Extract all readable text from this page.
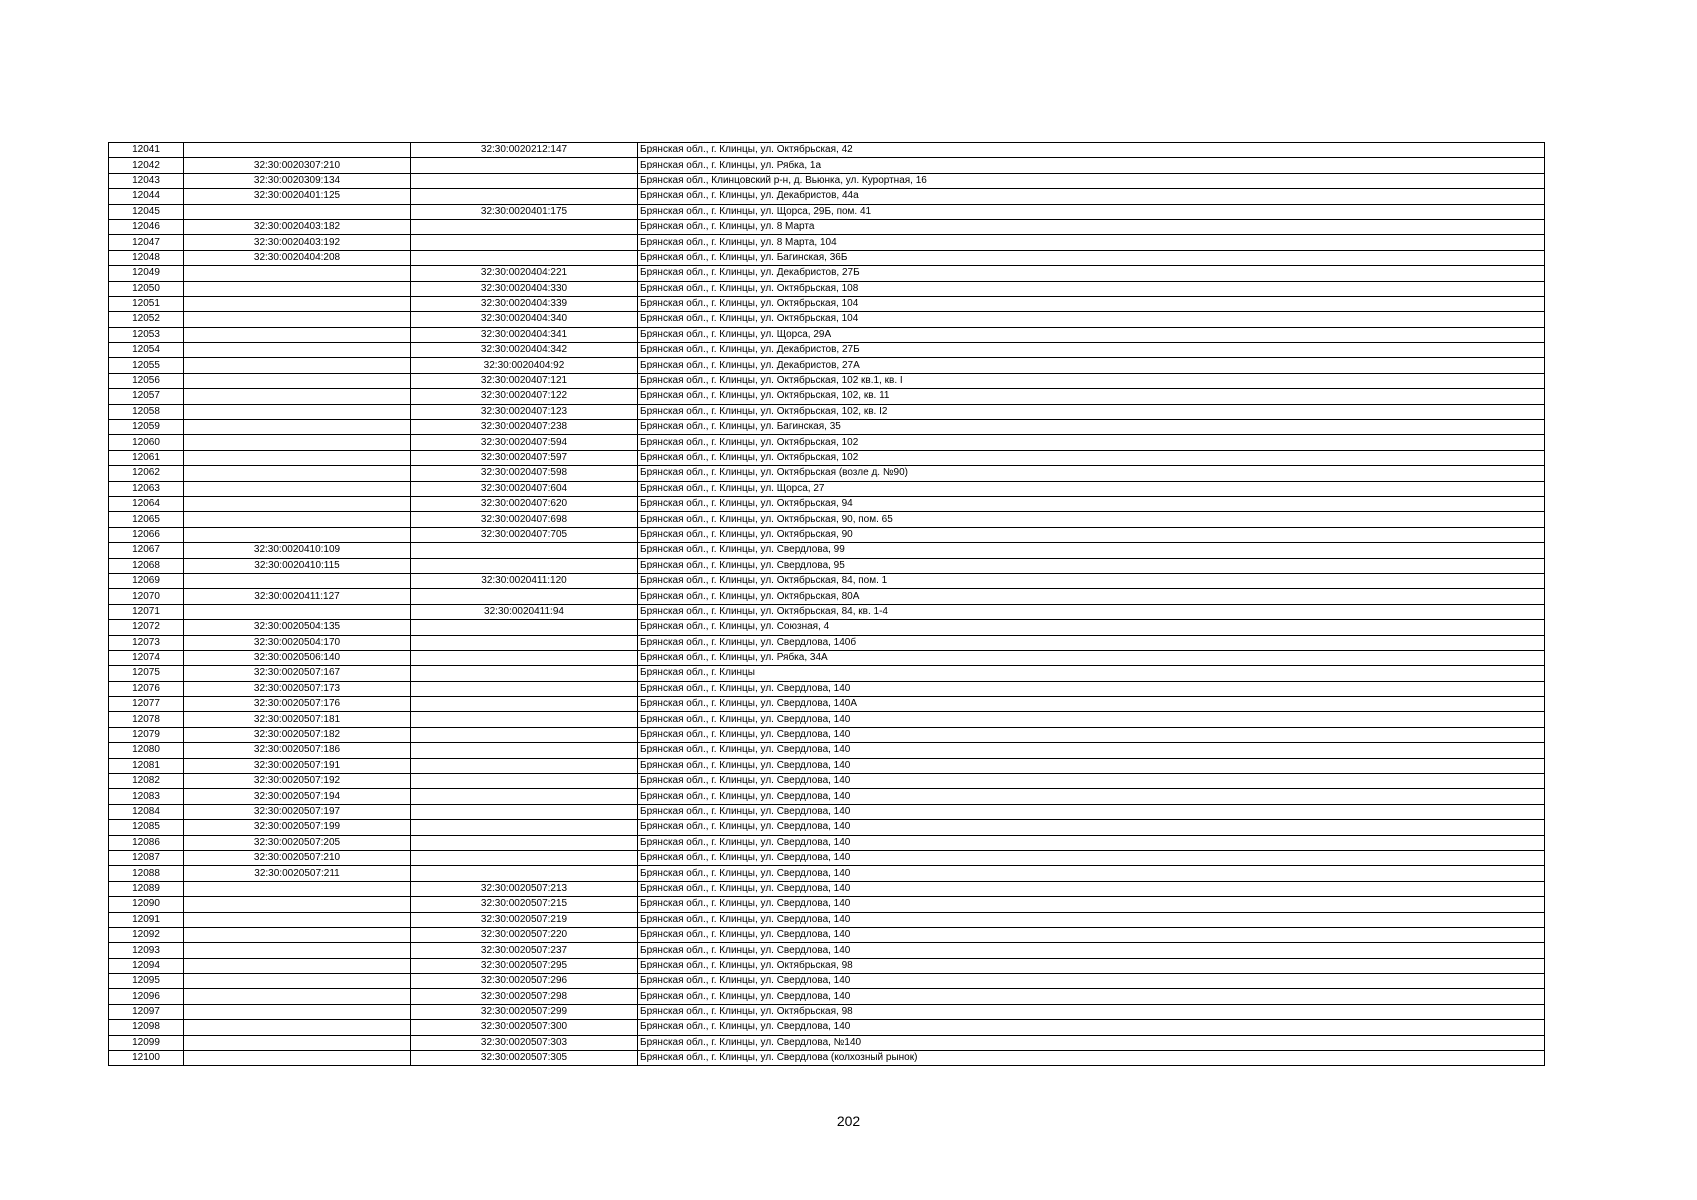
12041		32:30:0020212:147	Брянская обл., г. Клинцы, ул. Октябрьская, 42
12042	32:30:0020307:210		Брянская обл., г. Клинцы, ул. Рябка, 1а
12043	32:30:0020309:134		Брянская обл., Клинцовский р-н, д. Вьюнка, ул. Курортная, 16
12044	32:30:0020401:125		Брянская обл., г. Клинцы, ул. Декабристов, 44а
12045		32:30:0020401:175	Брянская обл., г. Клинцы, ул. Щорса, 29Б, пом. 41
12046	32:30:0020403:182		Брянская обл., г. Клинцы, ул. 8 Марта
12047	32:30:0020403:192		Брянская обл., г. Клинцы, ул. 8 Марта, 104
12048	32:30:0020404:208		Брянская обл., г. Клинцы, ул. Багинская, 36Б
12049		32:30:0020404:221	Брянская обл., г. Клинцы, ул. Декабристов, 27Б
12050		32:30:0020404:330	Брянская обл., г. Клинцы, ул. Октябрьская, 108
12051		32:30:0020404:339	Брянская обл., г. Клинцы, ул. Октябрьская, 104
12052		32:30:0020404:340	Брянская обл., г. Клинцы, ул. Октябрьская, 104
12053		32:30:0020404:341	Брянская обл., г. Клинцы, ул. Щорса, 29А
12054		32:30:0020404:342	Брянская обл., г. Клинцы, ул. Декабристов, 27Б
12055		32:30:0020404:92	Брянская обл., г. Клинцы, ул. Декабристов, 27А
12056		32:30:0020407:121	Брянская обл., г. Клинцы, ул. Октябрьская, 102 кв.1, кв. I
12057		32:30:0020407:122	Брянская обл., г. Клинцы, ул. Октябрьская, 102, кв. 11
12058		32:30:0020407:123	Брянская обл., г. Клинцы, ул. Октябрьская, 102, кв. I2
12059		32:30:0020407:238	Брянская обл., г. Клинцы, ул. Багинская, 35
12060		32:30:0020407:594	Брянская обл., г. Клинцы, ул. Октябрьская, 102
12061		32:30:0020407:597	Брянская обл., г. Клинцы, ул. Октябрьская, 102
12062		32:30:0020407:598	Брянская обл., г. Клинцы, ул. Октябрьская (возле д. №90)
12063		32:30:0020407:604	Брянская обл., г. Клинцы, ул. Щорса, 27
12064		32:30:0020407:620	Брянская обл., г. Клинцы, ул. Октябрьская, 94
12065		32:30:0020407:698	Брянская обл., г. Клинцы, ул. Октябрьская, 90, пом. 65
12066		32:30:0020407:705	Брянская обл., г. Клинцы, ул. Октябрьская, 90
12067	32:30:0020410:109		Брянская обл., г. Клинцы, ул. Свердлова, 99
12068	32:30:0020410:115		Брянская обл., г. Клинцы, ул. Свердлова, 95
12069		32:30:0020411:120	Брянская обл., г. Клинцы, ул. Октябрьская, 84, пом. 1
12070	32:30:0020411:127		Брянская обл., г. Клинцы, ул. Октябрьская, 80А
12071		32:30:0020411:94	Брянская обл., г. Клинцы, ул. Октябрьская, 84, кв. 1-4
12072	32:30:0020504:135		Брянская обл., г. Клинцы, ул. Союзная, 4
12073	32:30:0020504:170		Брянская обл., г. Клинцы, ул. Свердлова, 140б
12074	32:30:0020506:140		Брянская обл., г. Клинцы, ул. Рябка, 34А
12075	32:30:0020507:167		Брянская обл., г. Клинцы
12076	32:30:0020507:173		Брянская обл., г. Клинцы, ул. Свердлова, 140
12077	32:30:0020507:176		Брянская обл., г. Клинцы, ул. Свердлова, 140А
12078	32:30:0020507:181		Брянская обл., г. Клинцы, ул. Свердлова, 140
12079	32:30:0020507:182		Брянская обл., г. Клинцы, ул. Свердлова, 140
12080	32:30:0020507:186		Брянская обл., г. Клинцы, ул. Свердлова, 140
12081	32:30:0020507:191		Брянская обл., г. Клинцы, ул. Свердлова, 140
12082	32:30:0020507:192		Брянская обл., г. Клинцы, ул. Свердлова, 140
12083	32:30:0020507:194		Брянская обл., г. Клинцы, ул. Свердлова, 140
12084	32:30:0020507:197		Брянская обл., г. Клинцы, ул. Свердлова, 140
12085	32:30:0020507:199		Брянская обл., г. Клинцы, ул. Свердлова, 140
12086	32:30:0020507:205		Брянская обл., г. Клинцы, ул. Свердлова, 140
12087	32:30:0020507:210		Брянская обл., г. Клинцы, ул. Свердлова, 140
12088	32:30:0020507:211		Брянская обл., г. Клинцы, ул. Свердлова, 140
12089		32:30:0020507:213	Брянская обл., г. Клинцы, ул. Свердлова, 140
12090		32:30:0020507:215	Брянская обл., г. Клинцы, ул. Свердлова, 140
12091		32:30:0020507:219	Брянская обл., г. Клинцы, ул. Свердлова, 140
12092		32:30:0020507:220	Брянская обл., г. Клинцы, ул. Свердлова, 140
12093		32:30:0020507:237	Брянская обл., г. Клинцы, ул. Свердлова, 140
12094		32:30:0020507:295	Брянская обл., г. Клинцы, ул. Октябрьская, 98
12095		32:30:0020507:296	Брянская обл., г. Клинцы, ул. Свердлова, 140
12096		32:30:0020507:298	Брянская обл., г. Клинцы, ул. Свердлова, 140
12097		32:30:0020507:299	Брянская обл., г. Клинцы, ул. Октябрьская, 98
12098		32:30:0020507:300	Брянская обл., г. Клинцы, ул. Свердлова, 140
12099		32:30:0020507:303	Брянская обл., г. Клинцы, ул. Свердлова, №140
12100		32:30:0020507:305	Брянская обл., г. Клинцы, ул. Свердлова (колхозный рынок)
202
